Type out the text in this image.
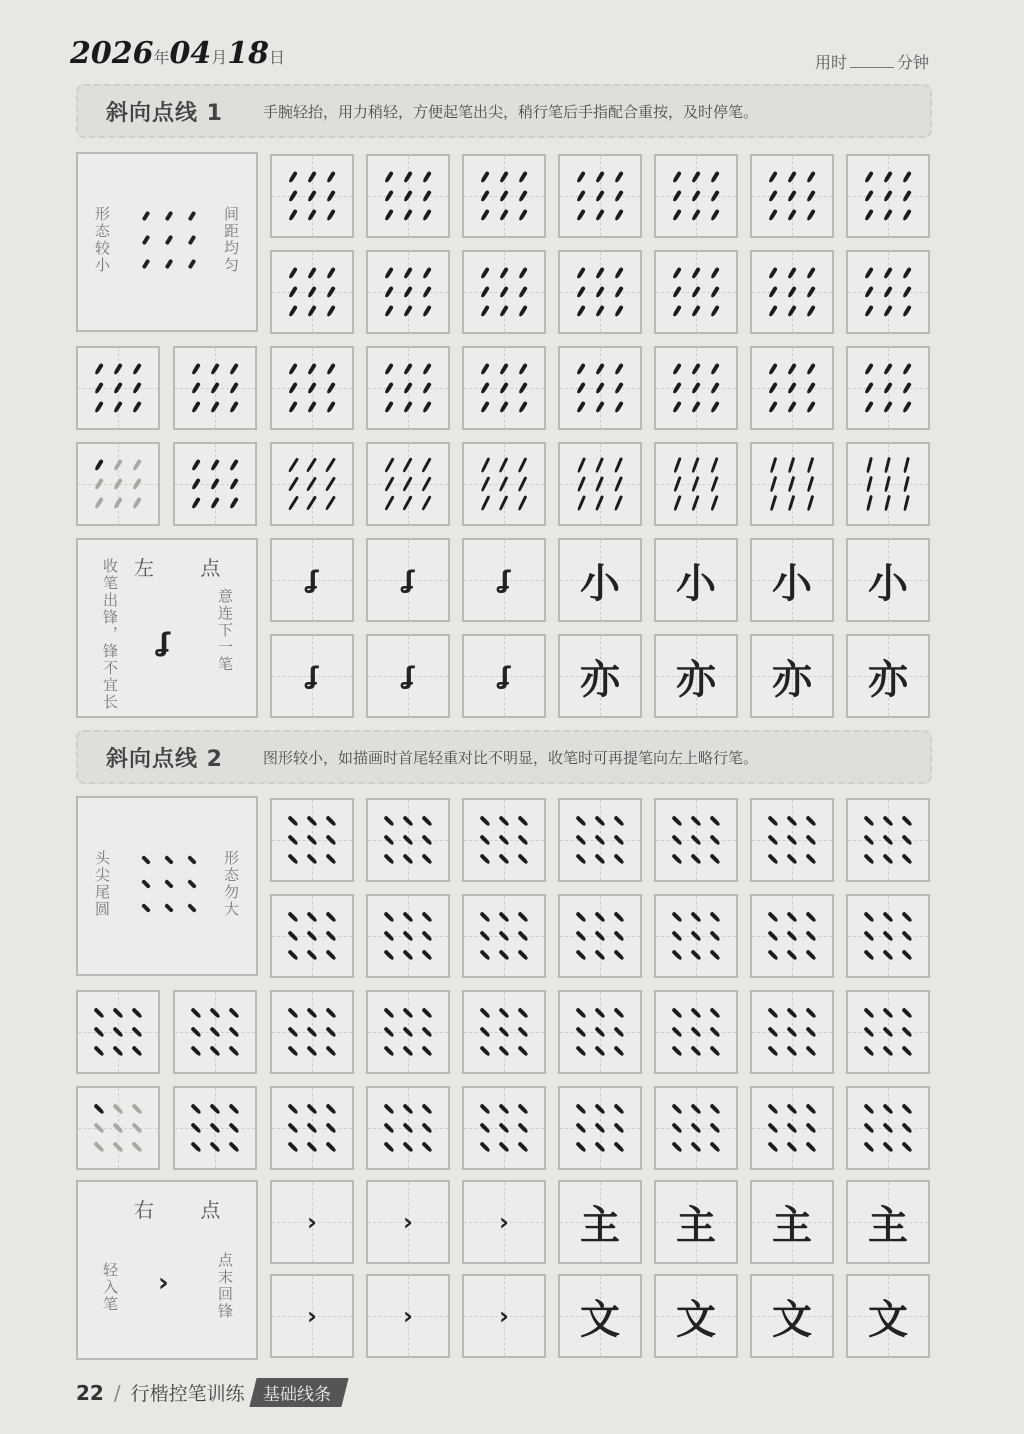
2026年04月18日	用时	分钟
斜向点线 1	手腕轻抬，用力稍轻，方便起笔出尖，稍行笔后手指配合重按，及时停笔。
斜向点线 2	图形较小，如描画时首尾轻重对比不明显，收笔时可再提笔向左上略行笔。
形态较小	间距均匀
左 点
收笔出锋，锋不宜长	意连下一笔
ʆ
头尖尾圆	形态勿大
右 点
轻入笔	点末回锋
›
ʆ	ʆ	ʆ	小	小	小	小
ʆ	ʆ	ʆ	亦	亦	亦	亦
›	›	›	主	主	主	主
›	›	›	文	文	文	文
22 / 行楷控笔训练	基础线条
